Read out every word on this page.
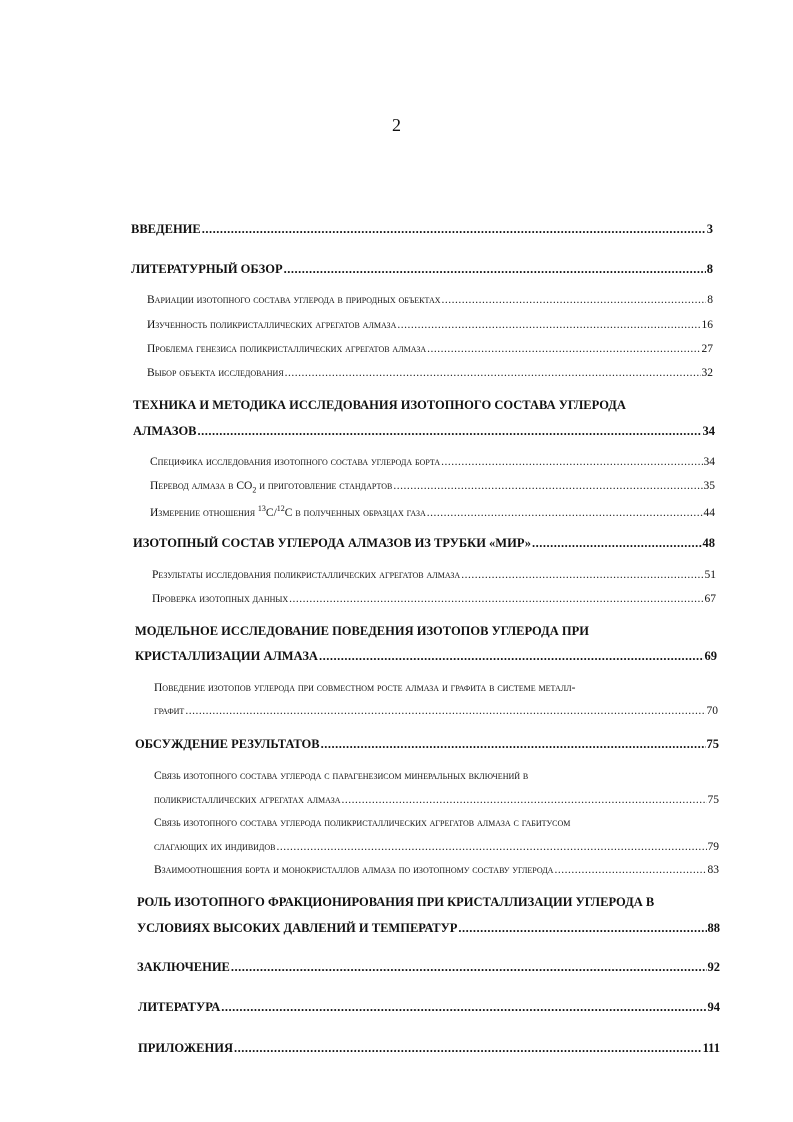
2
ВВЕДЕНИЕ .....	3
ЛИТЕРАТУРНЫЙ ОБЗОР .....	8
Вариации изотопного состава углерода в природных объектах .....	8
Изученность поликристаллических агрегатов алмаза .....	16
Проблема генезиса поликристаллических агрегатов алмаза .....	27
Выбор объекта исследования .....	32
ТЕХНИКА И МЕТОДИКА ИССЛЕДОВАНИЯ ИЗОТОПНОГО СОСТАВА УГЛЕРОДА
АЛМАЗОВ .....	34
Специфика исследования изотопного состава углерода борта .....	34
Перевод алмаза в $CO_2$ и приготовление стандартов .....	35
Измерение отношения $^{13}$C/$^{12}$C в полученных образцах газа .....	44
ИЗОТОПНЫЙ СОСТАВ УГЛЕРОДА АЛМАЗОВ ИЗ ТРУБКИ «МИР» .....	48
Результаты исследования поликристаллических агрегатов алмаза .....	51
Проверка изотопных данных .....	67
МОДЕЛЬНОЕ ИССЛЕДОВАНИЕ ПОВЕДЕНИЯ ИЗОТОПОВ УГЛЕРОДА ПРИ
КРИСТАЛЛИЗАЦИИ АЛМАЗА .....	69
Поведение изотопов углерода при совместном росте алмаза и графита в системе металл-
графит .....	70
ОБСУЖДЕНИЕ РЕЗУЛЬТАТОВ .....	75
Связь изотопного состава углерода с парагенезисом минеральных включений в
поликристаллических агрегатах алмаза .....	75
Связь изотопного состава углерода поликристаллических агрегатов алмаза с габитусом
слагающих их индивидов .....	79
Взаимоотношения борта и монокристаллов алмаза по изотопному составу углерода .....	83
РОЛЬ ИЗОТОПНОГО ФРАКЦИОНИРОВАНИЯ ПРИ КРИСТАЛЛИЗАЦИИ УГЛЕРОДА В
УСЛОВИЯХ ВЫСОКИХ ДАВЛЕНИЙ И ТЕМПЕРАТУР .....	88
ЗАКЛЮЧЕНИЕ .....	92
ЛИТЕРАТУРА .....	94
ПРИЛОЖЕНИЯ .....	111
